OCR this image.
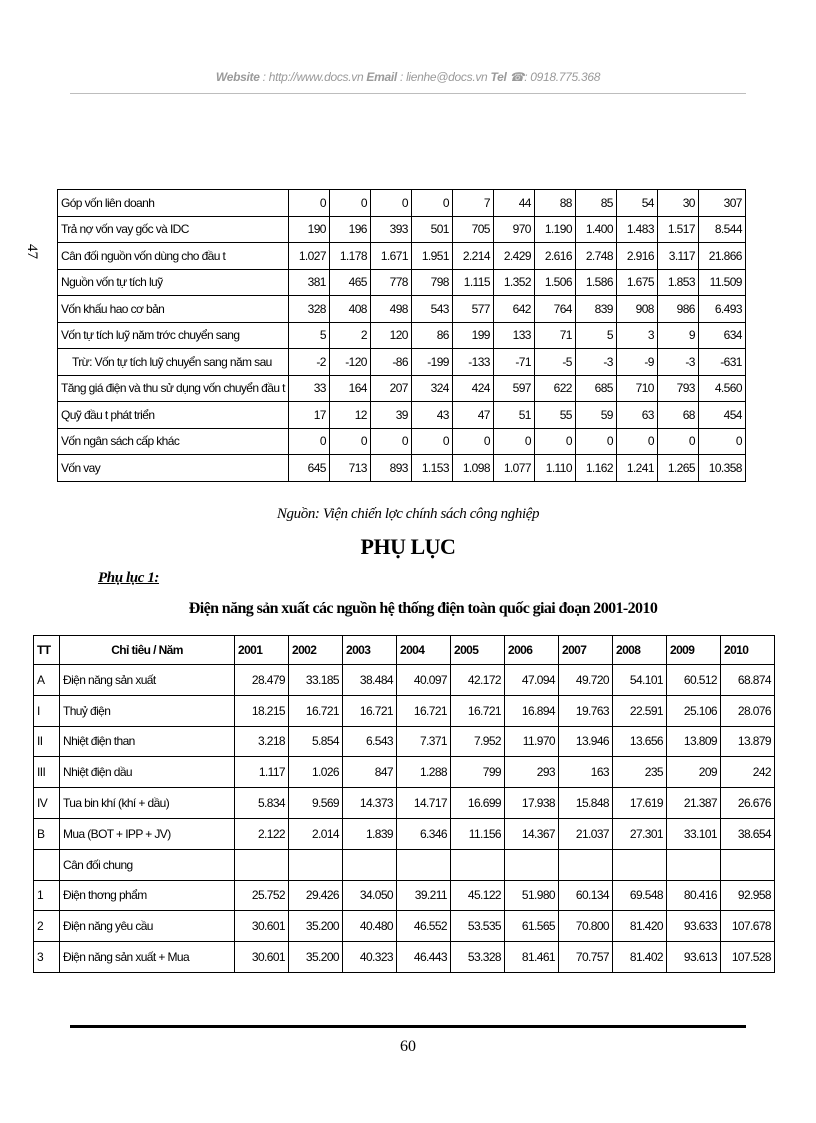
Website : http://www.docs.vn Email : lienhe@docs.vn Tel ☎: 0918.775.368
47
Góp vốn liên doanh	0	0	0	0	7	44	88	85	54	30	307
Trả nợ vốn vay gốc và IDC	190	196	393	501	705	970	1.190	1.400	1.483	1.517	8.544
Cân đối nguồn vốn dùng cho đầu t	1.027	1.178	1.671	1.951	2.214	2.429	2.616	2.748	2.916	3.117	21.866
Nguồn vốn tự tích luỹ	381	465	778	798	1.115	1.352	1.506	1.586	1.675	1.853	11.509
Vốn khấu hao cơ bản	328	408	498	543	577	642	764	839	908	986	6.493
Vốn tự tích luỹ năm trớc chuyển sang	5	2	120	86	199	133	71	5	3	9	634
Trừ: Vốn tự tích luỹ chuyển sang năm sau	-2	-120	-86	-199	-133	-71	-5	-3	-9	-3	-631
Tăng giá điện và thu sử dụng vốn chuyển đầu t	33	164	207	324	424	597	622	685	710	793	4.560
Quỹ đầu t phát triển	17	12	39	43	47	51	55	59	63	68	454
Vốn ngân sách cấp khác	0	0	0	0	0	0	0	0	0	0	0
Vốn vay	645	713	893	1.153	1.098	1.077	1.110	1.162	1.241	1.265	10.358
Nguồn: Viện chiến lợc chính sách công nghiệp
PHỤ LỤC
Phụ lục 1:
Điện năng sản xuất các nguồn hệ thống điện toàn quốc giai đoạn 2001-2010
TT	Chỉ tiêu / Năm	2001	2002	2003	2004	2005	2006	2007	2008	2009	2010
A	Điện năng sản xuất	28.479	33.185	38.484	40.097	42.172	47.094	49.720	54.101	60.512	68.874
I	Thuỷ điện	18.215	16.721	16.721	16.721	16.721	16.894	19.763	22.591	25.106	28.076
II	Nhiệt điện than	3.218	5.854	6.543	7.371	7.952	11.970	13.946	13.656	13.809	13.879
III	Nhiệt điện dầu	1.117	1.026	847	1.288	799	293	163	235	209	242
IV	Tua bin khí (khí + dầu)	5.834	9.569	14.373	14.717	16.699	17.938	15.848	17.619	21.387	26.676
B	Mua (BOT + IPP + JV)	2.122	2.014	1.839	6.346	11.156	14.367	21.037	27.301	33.101	38.654
	Cân đối chung										
1	Điện thơng phẩm	25.752	29.426	34.050	39.211	45.122	51.980	60.134	69.548	80.416	92.958
2	Điện năng yêu cầu	30.601	35.200	40.480	46.552	53.535	61.565	70.800	81.420	93.633	107.678
3	Điện năng sản xuất + Mua	30.601	35.200	40.323	46.443	53.328	81.461	70.757	81.402	93.613	107.528
60
